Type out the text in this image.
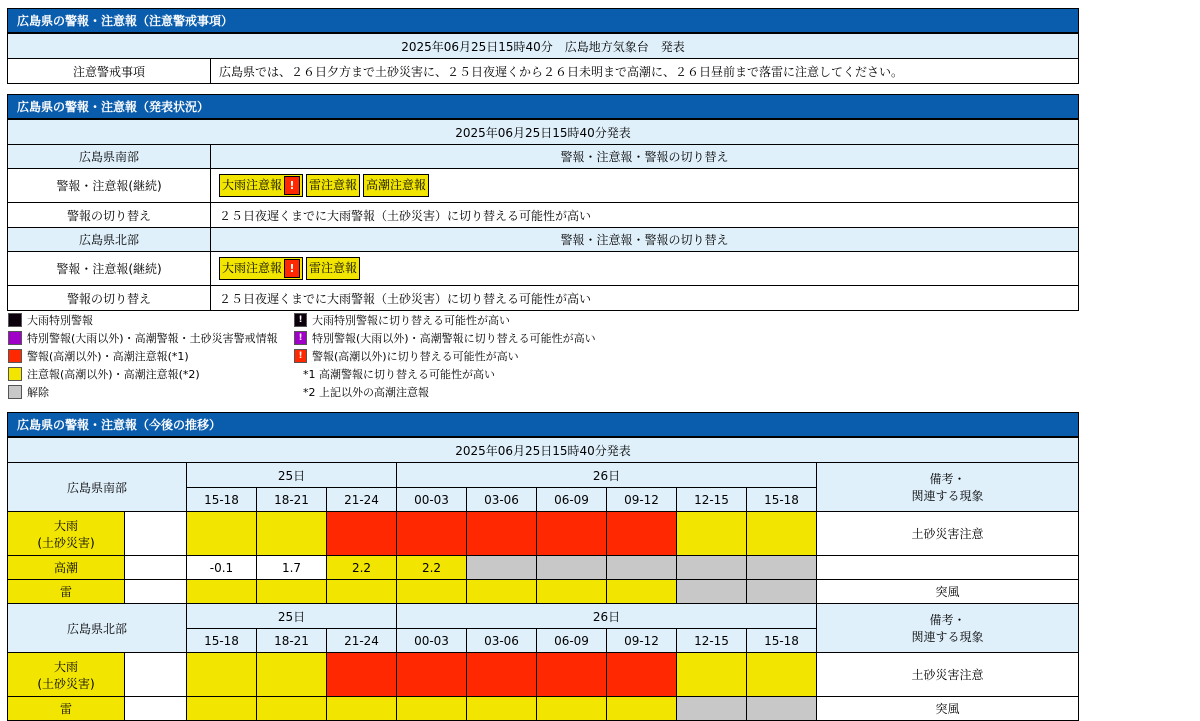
広島県の警報・注意報（注意警戒事項）
2025年06月25日15時40分　広島地方気象台　発表
注意警戒事項	広島県では、２６日夕方まで土砂災害に、２５日夜遅くから２６日未明まで高潮に、２６日昼前まで落雷に注意してください。
広島県の警報・注意報（発表状況）
2025年06月25日15時40分発表	
広島県南部	警報・注意報・警報の切り替え
警報・注意報(継続)	大雨注意報 ! 雷注意報 高潮注意報
警報の切り替え	２５日夜遅くまでに大雨警報（土砂災害）に切り替える可能性が高い
広島県北部	警報・注意報・警報の切り替え
警報・注意報(継続)	大雨注意報 ! 雷注意報
警報の切り替え	２５日夜遅くまでに大雨警報（土砂災害）に切り替える可能性が高い
大雨特別警報
特別警報(大雨以外)・高潮警報・土砂災害警戒情報
警報(高潮以外)・高潮注意報(*1)
注意報(高潮以外)・高潮注意報(*2)
解除
! 大雨特別警報に切り替える可能性が高い
! 特別警報(大雨以外)・高潮警報に切り替える可能性が高い
! 警報(高潮以外)に切り替える可能性が高い
*1 高潮警報に切り替える可能性が高い
*2 上記以外の高潮注意報
広島県の警報・注意報（今後の推移）
2025年06月25日15時40分発表											
広島県南部		25日			26日						備考・
関連する現象
		15-18	18-21	21-24	00-03	03-06	06-09	09-12	12-15	15-18	
大雨
(土砂災害)											土砂災害注意
高潮		-0.1	1.7	2.2	2.2						
雷											突風
広島県北部		25日			26日						備考・
関連する現象
		15-18	18-21	21-24	00-03	03-06	06-09	09-12	12-15	15-18	
大雨
(土砂災害)											土砂災害注意
雷											突風
